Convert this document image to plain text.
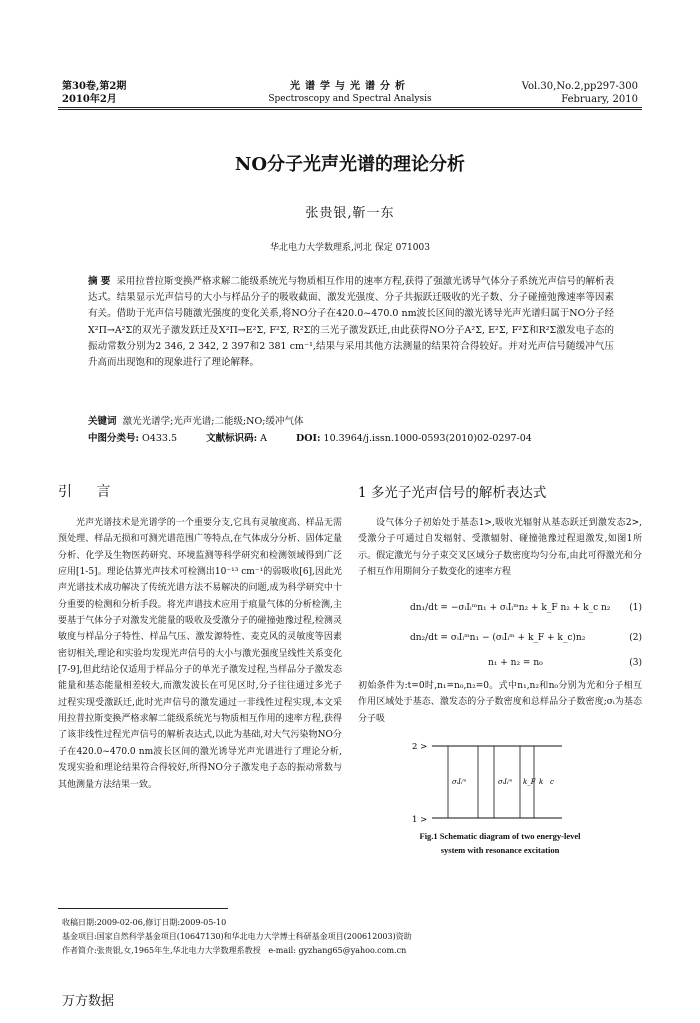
第30卷,第2期
2010年2月
光谱学与光谱分析
Spectroscopy and Spectral Analysis
Vol.30,No.2,pp297-300
February, 2010
NO分子光声光谱的理论分析
张贵银,靳一东
华北电力大学数理系,河北 保定 071003
摘 要 采用拉普拉斯变换严格求解二能级系统光与物质相互作用的速率方程,获得了强激光诱导气体分子系统光声信号的解析表达式。结果显示光声信号的大小与样品分子的吸收截面、激发光强度、分子共振跃迁吸收的光子数、分子碰撞弛豫速率等因素有关。借助于光声信号随激光强度的变化关系,将NO分子在420.0~470.0 nm波长区间的激光诱导光声光谱归属于NO分子经X²Π→A²Σ的双光子激发跃迁及X²Π→E²Σ, F²Σ, R²Σ的三光子激发跃迁,由此获得NO分子A²Σ, E²Σ, F²Σ和R²Σ激发电子态的振动常数分别为2 346, 2 342, 2 397和2 381 cm⁻¹,结果与采用其他方法测量的结果符合得较好。并对光声信号随缓冲气压升高而出现饱和的现象进行了理论解释。
关键词 激光光谱学;光声光谱;二能级;NO;缓冲气体
中图分类号: O433.5	文献标识码: A	DOI: 10.3964/j.issn.1000-0593(2010)02-0297-04
引 言	1 多光子光声信号的解析表达式
光声光谱技术是光谱学的一个重要分支,它具有灵敏度高、样品无需预处理、样品无损和可测光谱范围广等特点,在气体成分分析、固体定量分析、化学及生物医药研究、环境监测等科学研究和检测领域得到广泛应用[1-5]。理论估算光声技术可检测出10⁻¹³ cm⁻¹的弱吸收[6],因此光声光谱技术成功解决了传统光谱方法不易解决的问题,成为科学研究中十分重要的检测和分析手段。将光声谱技术应用于痕量气体的分析检测,主要基于气体分子对激发光能量的吸收及受激分子的碰撞弛豫过程,检测灵敏度与样品分子特性、样品气压、激发源特性、麦克风的灵敏度等因素密切相关,理论和实验均发现光声信号的大小与激光强度呈线性关系变化[7-9],但此结论仅适用于样品分子的单光子激发过程,当样品分子激发态能量和基态能量相差较大,而激发波长在可见区时,分子往往通过多光子过程实现受激跃迁,此时光声信号的激发通过一非线性过程实现,本文采用拉普拉斯变换严格求解二能级系统光与物质相互作用的速率方程,获得了该非线性过程光声信号的解析表达式,以此为基础,对大气污染物NO分子在420.0~470.0 nm波长区间的激光诱导光声光谱进行了理论分析,发现实验和理论结果符合得较好,所得NO分子激发电子态的振动常数与其他测量方法结果一致。
设气体分子初始处于基态1>,吸收光辐射从基态跃迁到激发态2>,受激分子可通过自发辐射、受激辐射、碰撞弛豫过程退激发,如图1所示。假定激光与分子束交叉区域分子数密度均匀分布,由此可得激光和分子相互作用期间分子数变化的速率方程
dn₁/dt = −σᵢIᵢᵐn₁ + σᵢIᵢᵐn₂ + k_F n₂ + k_c n₂ (1)
dn₂/dt = σᵢIᵢᵐn₁ − (σᵢIᵢᵐ + k_F + k_c)n₂	(2)
n₁ + n₂ = n₀	(3)
初始条件为:t=0时,n₁=n₀,n₂=0。式中n₁,n₂和n₀分别为光和分子相互作用区域处于基态、激发态的分子数密度和总样品分子数密度;σᵢ为基态分子吸
2 >
1 >
σᵢIᵢᵐ	σᵢIᵢᵐ k_F k c
Fig.1 Schematic diagram of two energy-level
system with resonance excitation
收稿日期:2009-02-06,修订日期:2009-05-10
基金项目:国家自然科学基金项目(10647130)和华北电力大学博士科研基金项目(200612003)资助
作者简介:张贵银,女,1965年生,华北电力大学数理系教授 e-mail: gyzhang65@yahoo.com.cn
万方数据
